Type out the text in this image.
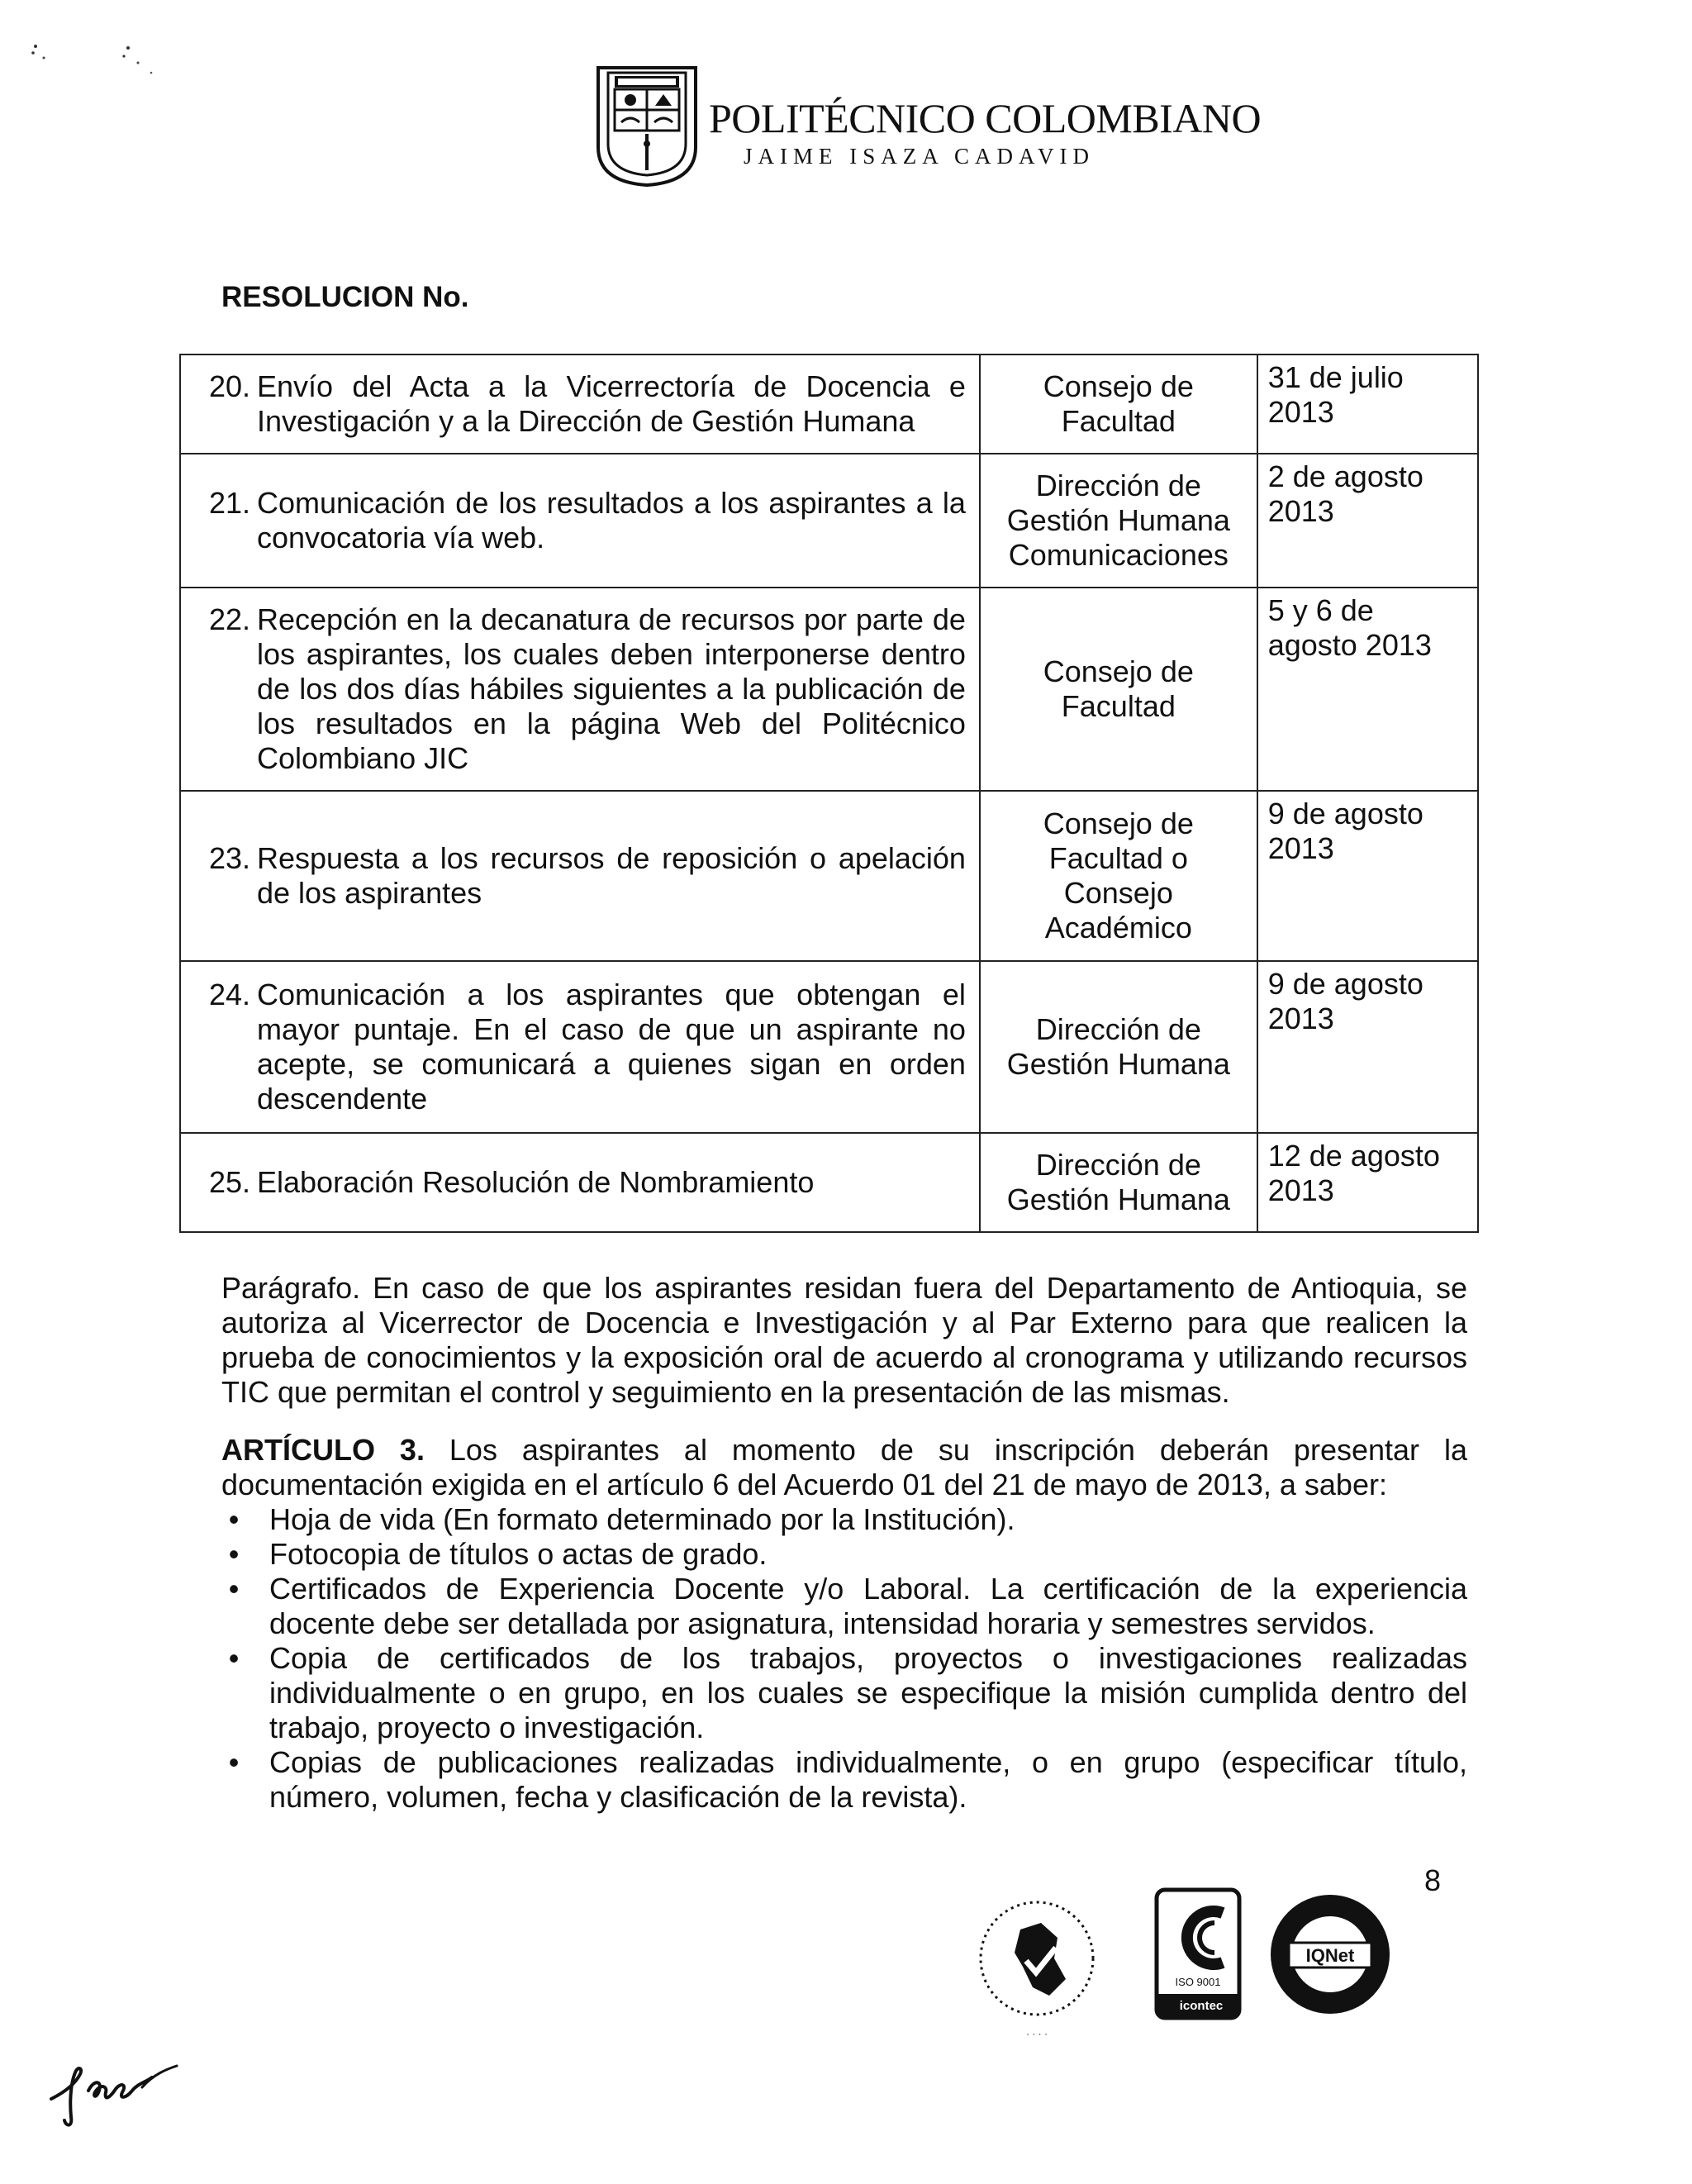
POLITÉCNICO COLOMBIANO
JAIME ISAZA CADAVID
RESOLUCION No.
20. Envío del Acta a la Vicerrectoría de Docencia e Investigación y a la Dirección de Gestión Humana	Consejo de
Facultad	31 de julio
2013

21. Comunicación de los resultados a los aspirantes a la convocatoria vía web.	Dirección de
Gestión Humana
Comunicaciones	2 de agosto
2013

22. Recepción en la decanatura de recursos por parte de los aspirantes, los cuales deben interponerse dentro de los dos días hábiles siguientes a la publicación de los resultados en la página Web del Politécnico Colombiano JIC	Consejo de
Facultad	5 y 6 de
agosto 2013

23. Respuesta a los recursos de reposición o apelación de los aspirantes	Consejo de
Facultad o
Consejo
Académico	9 de agosto
2013

24. Comunicación a los aspirantes que obtengan el mayor puntaje. En el caso de que un aspirante no acepte, se comunicará a quienes sigan en orden descendente	Dirección de
Gestión Humana	9 de agosto
2013

25. Elaboración Resolución de Nombramiento	Dirección de
Gestión Humana	12 de agosto
2013
Parágrafo. En caso de que los aspirantes residan fuera del Departamento de Antioquia, se autoriza al Vicerrector de Docencia e Investigación y al Par Externo para que realicen la prueba de conocimientos y la exposición oral de acuerdo al cronograma y utilizando recursos TIC que permitan el control y seguimiento en la presentación de las mismas.
ARTÍCULO 3. Los aspirantes al momento de su inscripción deberán presentar la documentación exigida en el artículo 6 del Acuerdo 01 del 21 de mayo de 2013, a saber:
• Hoja de vida (En formato determinado por la Institución).
• Fotocopia de títulos o actas de grado.
• Certificados de Experiencia Docente y/o Laboral. La certificación de la experiencia docente debe ser detallada por asignatura, intensidad horaria y semestres servidos.
• Copia de certificados de los trabajos, proyectos o investigaciones realizadas individualmente o en grupo, en los cuales se especifique la misión cumplida dentro del trabajo, proyecto o investigación.
• Copias de publicaciones realizadas individualmente, o en grupo (especificar título, número, volumen, fecha y clasificación de la revista).
8
· · · ·
ISO 9001
icontec
IQNet
